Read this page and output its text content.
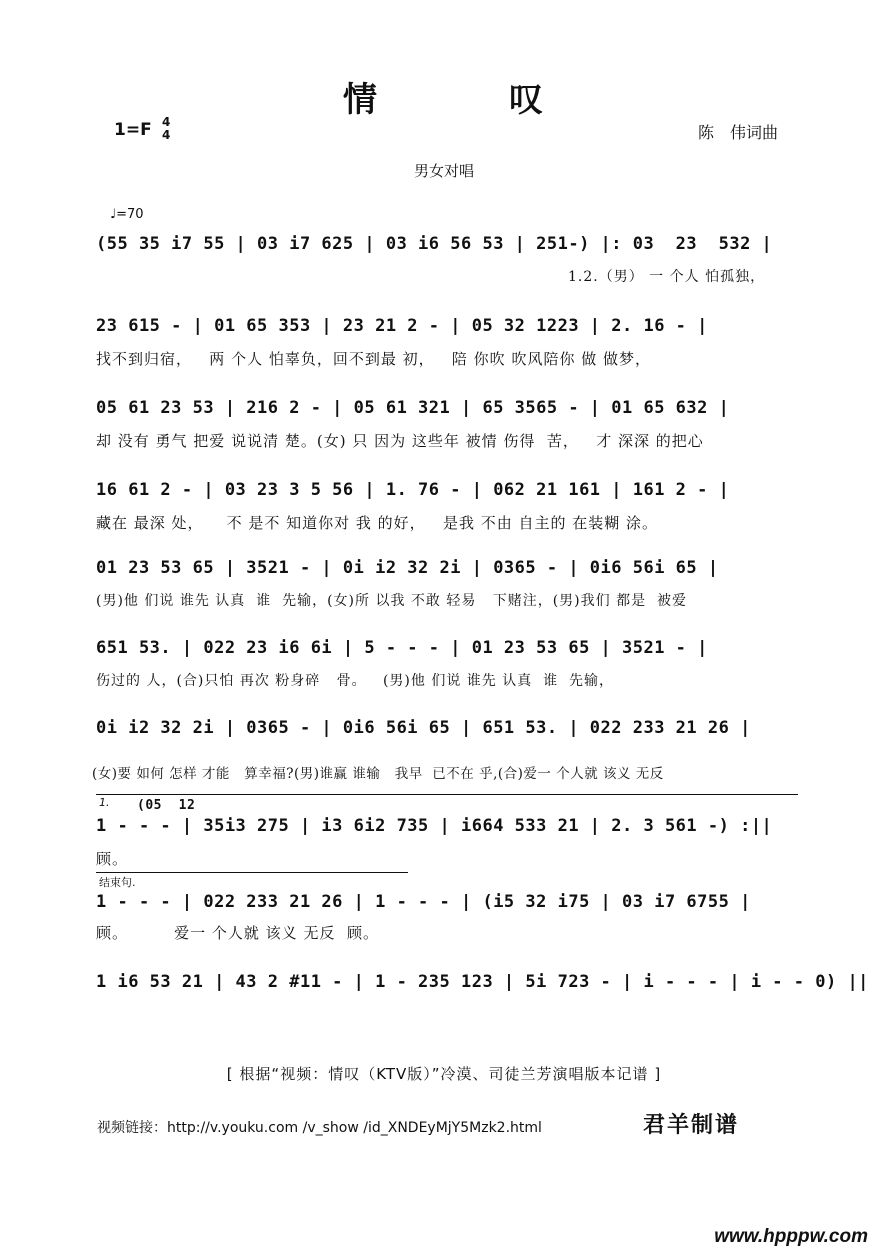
情	叹
1=F 4
4	陈　伟词曲
男女对唱
♩=70
(55 35 i7 55 | 03 i7 625 | 03 i6 56 53 | 251-) |: 03  23  532 |
1.2.（男） 一 个人 怕孤独，
23 615 - | 01 65 353 | 23 21 2 - | 05 32 1223 | 2. 16 - |
找不到归宿，   两 个人 怕辜负，回不到最 初，   陪 你吹 吹风陪你 做 做梦，
05 61 23 53 | 216 2 - | 05 61 321 | 65 3565 - | 01 65 632 |
却 没有 勇气 把爱 说说清 楚。(女) 只 因为 这些年 被情 伤得  苦，   才 深深 的把心
16 61 2 - | 03 23 3 5 56 | 1. 76 - | 062 21 161 | 161 2 - |
藏在 最深 处，    不 是不 知道你对 我 的好，   是我 不由 自主的 在装糊 涂。
01 23 53 65 | 3521 - | 0i i2 32 2i | 0365 - | 0i6 56i 65 |
(男)他 们说 谁先 认真  谁  先输，(女)所 以我 不敢 轻易   下赌注，(男)我们 都是  被爱
651 53. | 022 23 i6 6i | 5 - - - | 01 23 53 65 | 3521 - |
伤过的 人，(合)只怕 再次 粉身碎   骨。   (男)他 们说 谁先 认真  谁  先输，
0i i2 32 2i | 0365 - | 0i6 56i 65 | 651 53. | 022 233 21 26 |
(女)要 如何 怎样 才能   算幸福?(男)谁赢 谁输   我早  已不在 乎,(合)爱一 个人就 该义 无反
1. (05  12
1 - - - | 35i3 275 | i3 6i2 735 | i664 533 21 | 2. 3 561 -) :||
顾。
结束句.
1 - - - | 022 233 21 26 | 1 - - - | (i5 32 i75 | 03 i7 6755 |
顾。        爱一 个人就 该义 无反  顾。
1 i6 53 21 | 43 2 #11 - | 1 - 235 123 | 5i 723 - | i - - - | i - - 0) ||
[ 根据“视频：情叹（KTV版）”冷漠、司徒兰芳演唱版本记谱 ]
视频链接：http://v.youku.com /v_show /id_XNDEyMjY5Mzk2.html	君羊制谱
www.hpppw.com
